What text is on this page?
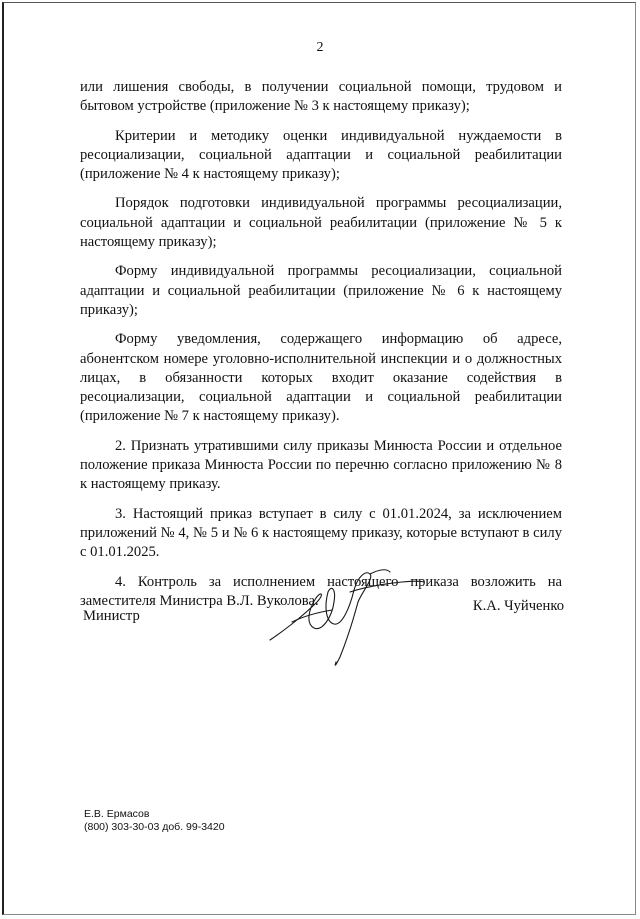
2

или лишения свободы, в получении социальной помощи, трудовом и бытовом устройстве (приложение № 3 к настоящему приказу);

Критерии и методику оценки индивидуальной нуждаемости в ресоциализации, социальной адаптации и социальной реабилитации (приложение № 4 к настоящему приказу);

Порядок подготовки индивидуальной программы ресоциализации, социальной адаптации и социальной реабилитации (приложение № 5 к настоящему приказу);

Форму индивидуальной программы ресоциализации, социальной адаптации и социальной реабилитации (приложение № 6 к настоящему приказу);

Форму уведомления, содержащего информацию об адресе, абонентском номере уголовно-исполнительной инспекции и о должностных лицах, в обязанности которых входит оказание содействия в ресоциализации, социальной адаптации и социальной реабилитации (приложение № 7 к настоящему приказу).

2. Признать утратившими силу приказы Минюста России и отдельное положение приказа Минюста России по перечню согласно приложению № 8 к настоящему приказу.

3. Настоящий приказ вступает в силу с 01.01.2024, за исключением приложений № 4, № 5 и № 6 к настоящему приказу, которые вступают в силу с 01.01.2025.

4. Контроль за исполнением настоящего приказа возложить на заместителя Министра В.Л. Вуколова.

Министр
К.А. Чуйченко
Е.В. Ермасов
(800) 303-30-03 доб. 99-3420
